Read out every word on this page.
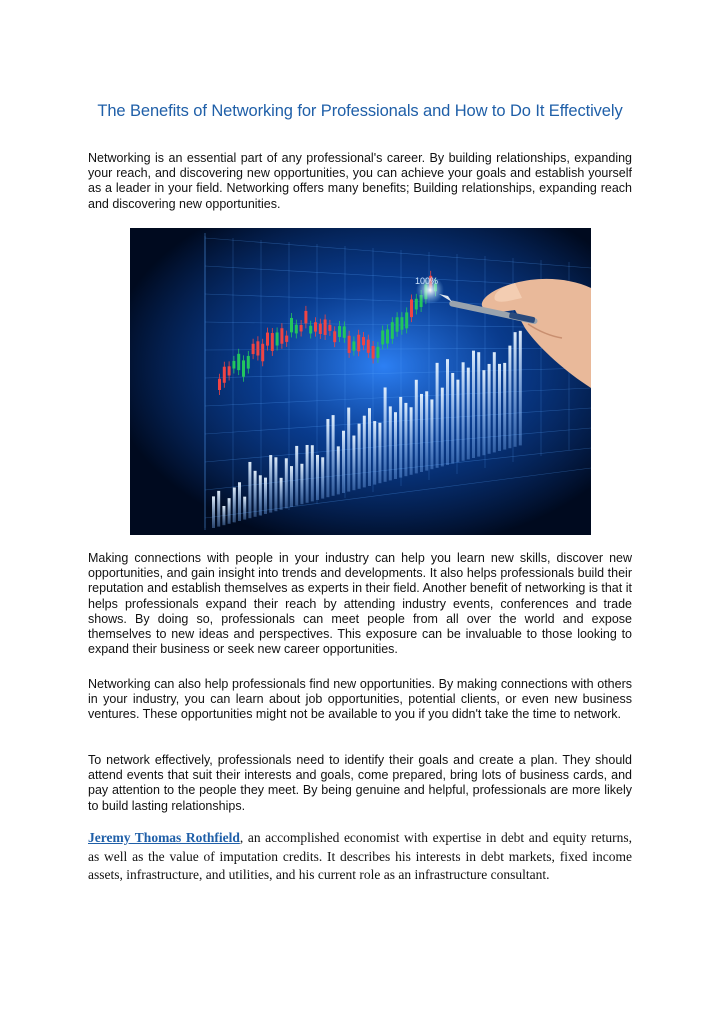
The Benefits of Networking for Professionals and How to Do It Effectively

Networking is an essential part of any professional's career. By building relationships, expanding your reach, and discovering new opportunities, you can achieve your goals and establish yourself as a leader in your field. Networking offers many benefits; Building relationships, expanding reach and discovering new opportunities.

100%

Making connections with people in your industry can help you learn new skills, discover new opportunities, and gain insight into trends and developments. It also helps professionals build their reputation and establish themselves as experts in their field. Another benefit of networking is that it helps professionals expand their reach by attending industry events, conferences and trade shows. By doing so, professionals can meet people from all over the world and expose themselves to new ideas and perspectives. This exposure can be invaluable to those looking to expand their business or seek new career opportunities.

Networking can also help professionals find new opportunities. By making connections with others in your industry, you can learn about job opportunities, potential clients, or even new business ventures. These opportunities might not be available to you if you didn't take the time to network.

To network effectively, professionals need to identify their goals and create a plan. They should attend events that suit their interests and goals, come prepared, bring lots of business cards, and pay attention to the people they meet. By being genuine and helpful, professionals are more likely to build lasting relationships.

Jeremy Thomas Rothfield, an accomplished economist with expertise in debt and equity returns, as well as the value of imputation credits. It describes his interests in debt markets, fixed income assets, infrastructure, and utilities, and his current role as an infrastructure consultant.
